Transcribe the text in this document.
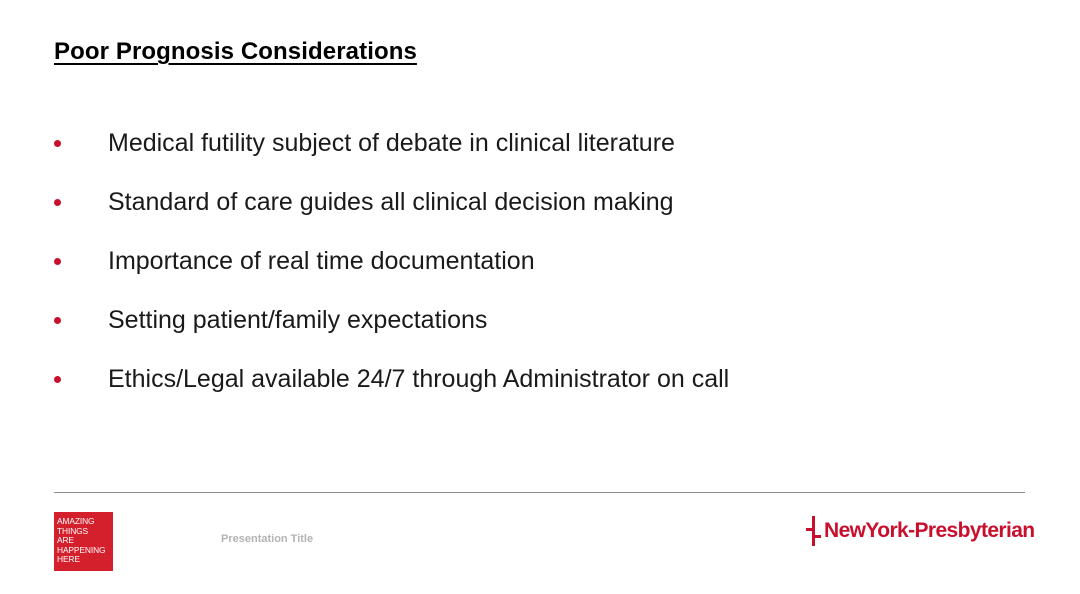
Poor Prognosis Considerations
Medical futility subject of debate in clinical literature
Standard of care guides all clinical decision making
Importance of real time documentation
Setting patient/family expectations
Ethics/Legal available 24/7 through Administrator on call
AMAZING
THINGS
ARE
HAPPENING
HERE
Presentation Title	NewYork-Presbyterian
